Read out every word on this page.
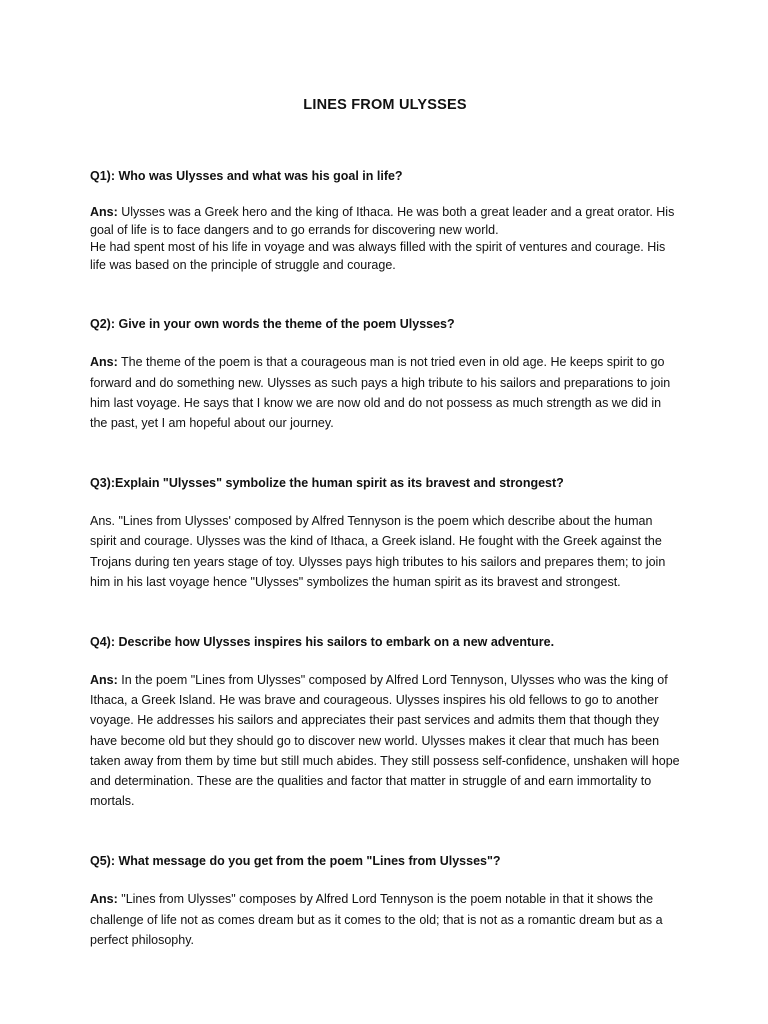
LINES FROM ULYSSES

Q1): Who was Ulysses and what was his goal in life?

Ans: Ulysses was a Greek hero and the king of Ithaca. He was both a great leader and a great orator. His goal of life is to face dangers and to go errands for discovering new world.

He had spent most of his life in voyage and was always filled with the spirit of ventures and courage. His life was based on the principle of struggle and courage.

Q2): Give in your own words the theme of the poem Ulysses?

Ans: The theme of the poem is that a courageous man is not tried even in old age. He keeps spirit to go forward and do something new. Ulysses as such pays a high tribute to his sailors and preparations to join him last voyage. He says that I know we are now old and do not possess as much strength as we did in the past, yet I am hopeful about our journey.

Q3):Explain "Ulysses" symbolize the human spirit as its bravest and strongest?

Ans. "Lines from Ulysses' composed by Alfred Tennyson is the poem which describe about the human spirit and courage. Ulysses was the kind of Ithaca, a Greek island. He fought with the Greek against the Trojans during ten years stage of toy. Ulysses pays high tributes to his sailors and prepares them; to join him in his last voyage hence "Ulysses" symbolizes the human spirit as its bravest and strongest.

Q4): Describe how Ulysses inspires his sailors to embark on a new adventure.

Ans: In the poem "Lines from Ulysses" composed by Alfred Lord Tennyson, Ulysses who was the king of Ithaca, a Greek Island. He was brave and courageous. Ulysses inspires his old fellows to go to another voyage. He addresses his sailors and appreciates their past services and admits them that though they have become old but they should go to discover new world. Ulysses makes it clear that much has been taken away from them by time but still much abides. They still possess self-confidence, unshaken will hope and determination. These are the qualities and factor that matter in struggle of and earn immortality to mortals.

Q5): What message do you get from the poem "Lines from Ulysses"?

Ans: "Lines from Ulysses" composes by Alfred Lord Tennyson is the poem notable in that it shows the challenge of life not as comes dream but as it comes to the old; that is not as a romantic dream but as a perfect philosophy.
